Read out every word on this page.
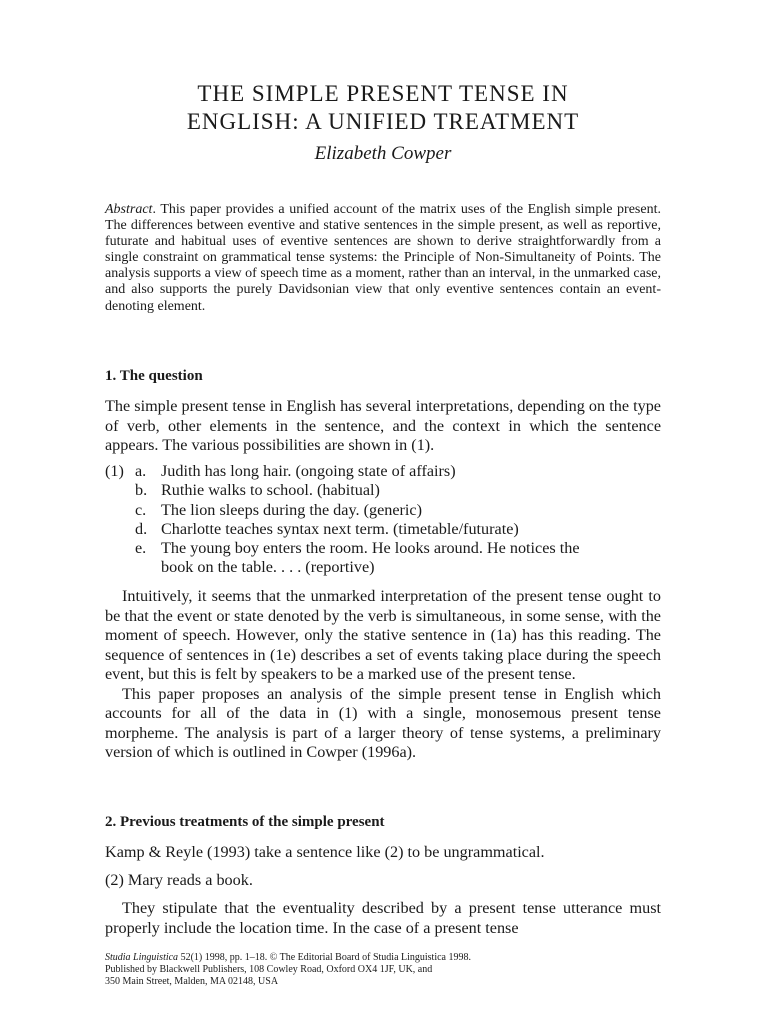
THE SIMPLE PRESENT TENSE IN
ENGLISH: A UNIFIED TREATMENT
Elizabeth Cowper
Abstract. This paper provides a unified account of the matrix uses of the English simple present. The differences between eventive and stative sentences in the simple present, as well as reportive, futurate and habitual uses of eventive sentences are shown to derive straightforwardly from a single constraint on grammatical tense systems: the Principle of Non-Simultaneity of Points. The analysis supports a view of speech time as a moment, rather than an interval, in the unmarked case, and also supports the purely Davidsonian view that only eventive sentences contain an event-denoting element.
1. The question

The simple present tense in English has several interpretations, depending on the type of verb, other elements in the sentence, and the context in which the sentence appears. The various possibilities are shown in (1).

(1) a. Judith has long hair. (ongoing state of affairs)
b. Ruthie walks to school. (habitual)
c. The lion sleeps during the day. (generic)
d. Charlotte teaches syntax next term. (timetable/futurate)
e. The young boy enters the room. He looks around. He notices the
book on the table. . . . (reportive)

Intuitively, it seems that the unmarked interpretation of the present tense ought to be that the event or state denoted by the verb is simultaneous, in some sense, with the moment of speech. However, only the stative sentence in (1a) has this reading. The sequence of sentences in (1e) describes a set of events taking place during the speech event, but this is felt by speakers to be a marked use of the present tense.

This paper proposes an analysis of the simple present tense in English which accounts for all of the data in (1) with a single, monosemous present tense morpheme. The analysis is part of a larger theory of tense systems, a preliminary version of which is outlined in Cowper (1996a).

2. Previous treatments of the simple present

Kamp & Reyle (1993) take a sentence like (2) to be ungrammatical.

(2) Mary reads a book.

They stipulate that the eventuality described by a present tense utterance must properly include the location time. In the case of a present tense

Studia Linguistica 52(1) 1998, pp. 1–18. © The Editorial Board of Studia Linguistica 1998.
Published by Blackwell Publishers, 108 Cowley Road, Oxford OX4 1JF, UK, and
350 Main Street, Malden, MA 02148, USA
